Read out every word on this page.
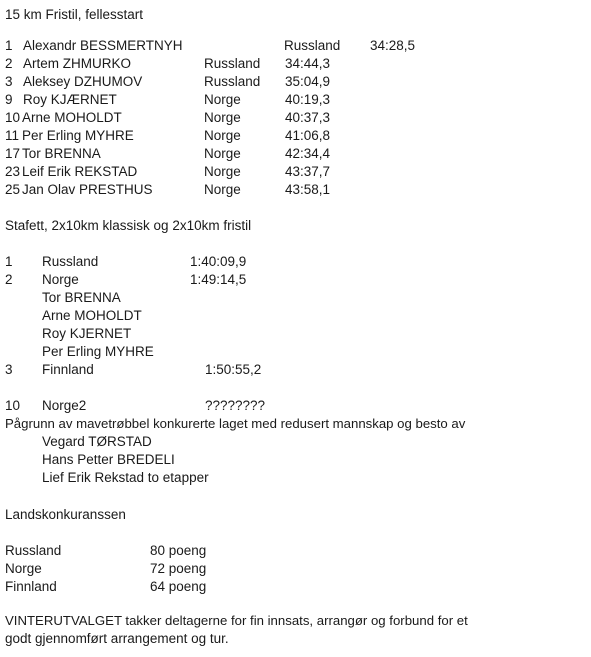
15 km Fristil, fellesstart
1 Alexandr BESSMERTNYH	Russland 34:28,5
2 Artem ZHMURKO	Russland 34:44,3
3 Aleksey DZHUMOV	Russland 35:04,9
9 Roy KJÆRNET	Norge	40:19,3
10 Arne MOHOLDT	Norge	40:37,3
11 Per Erling MYHRE	Norge	41:06,8
17 Tor BRENNA	Norge	42:34,4
23 Leif Erik REKSTAD	Norge	43:37,7
25 Jan Olav PRESTHUS	Norge	43:58,1
Stafett, 2x10km klassisk og 2x10km fristil
1 Russland	1:40:09,9
2 Norge	1:49:14,5
Tor BRENNA
Arne MOHOLDT
Roy KJERNET
Per Erling MYHRE
3 Finnland	1:50:55,2
10 Norge2	????????
Pågrunn av mavetrøbbel konkurerte laget med redusert mannskap og besto av
Vegard TØRSTAD
Hans Petter BREDELI
Lief Erik Rekstad to etapper
Landskonkuranssen
Russland	80 poeng
Norge	72 poeng
Finnland	64 poeng
VINTERUTVALGET takker deltagerne for fin innsats, arrangør og forbund for et
godt gjennomført arrangement og tur.
